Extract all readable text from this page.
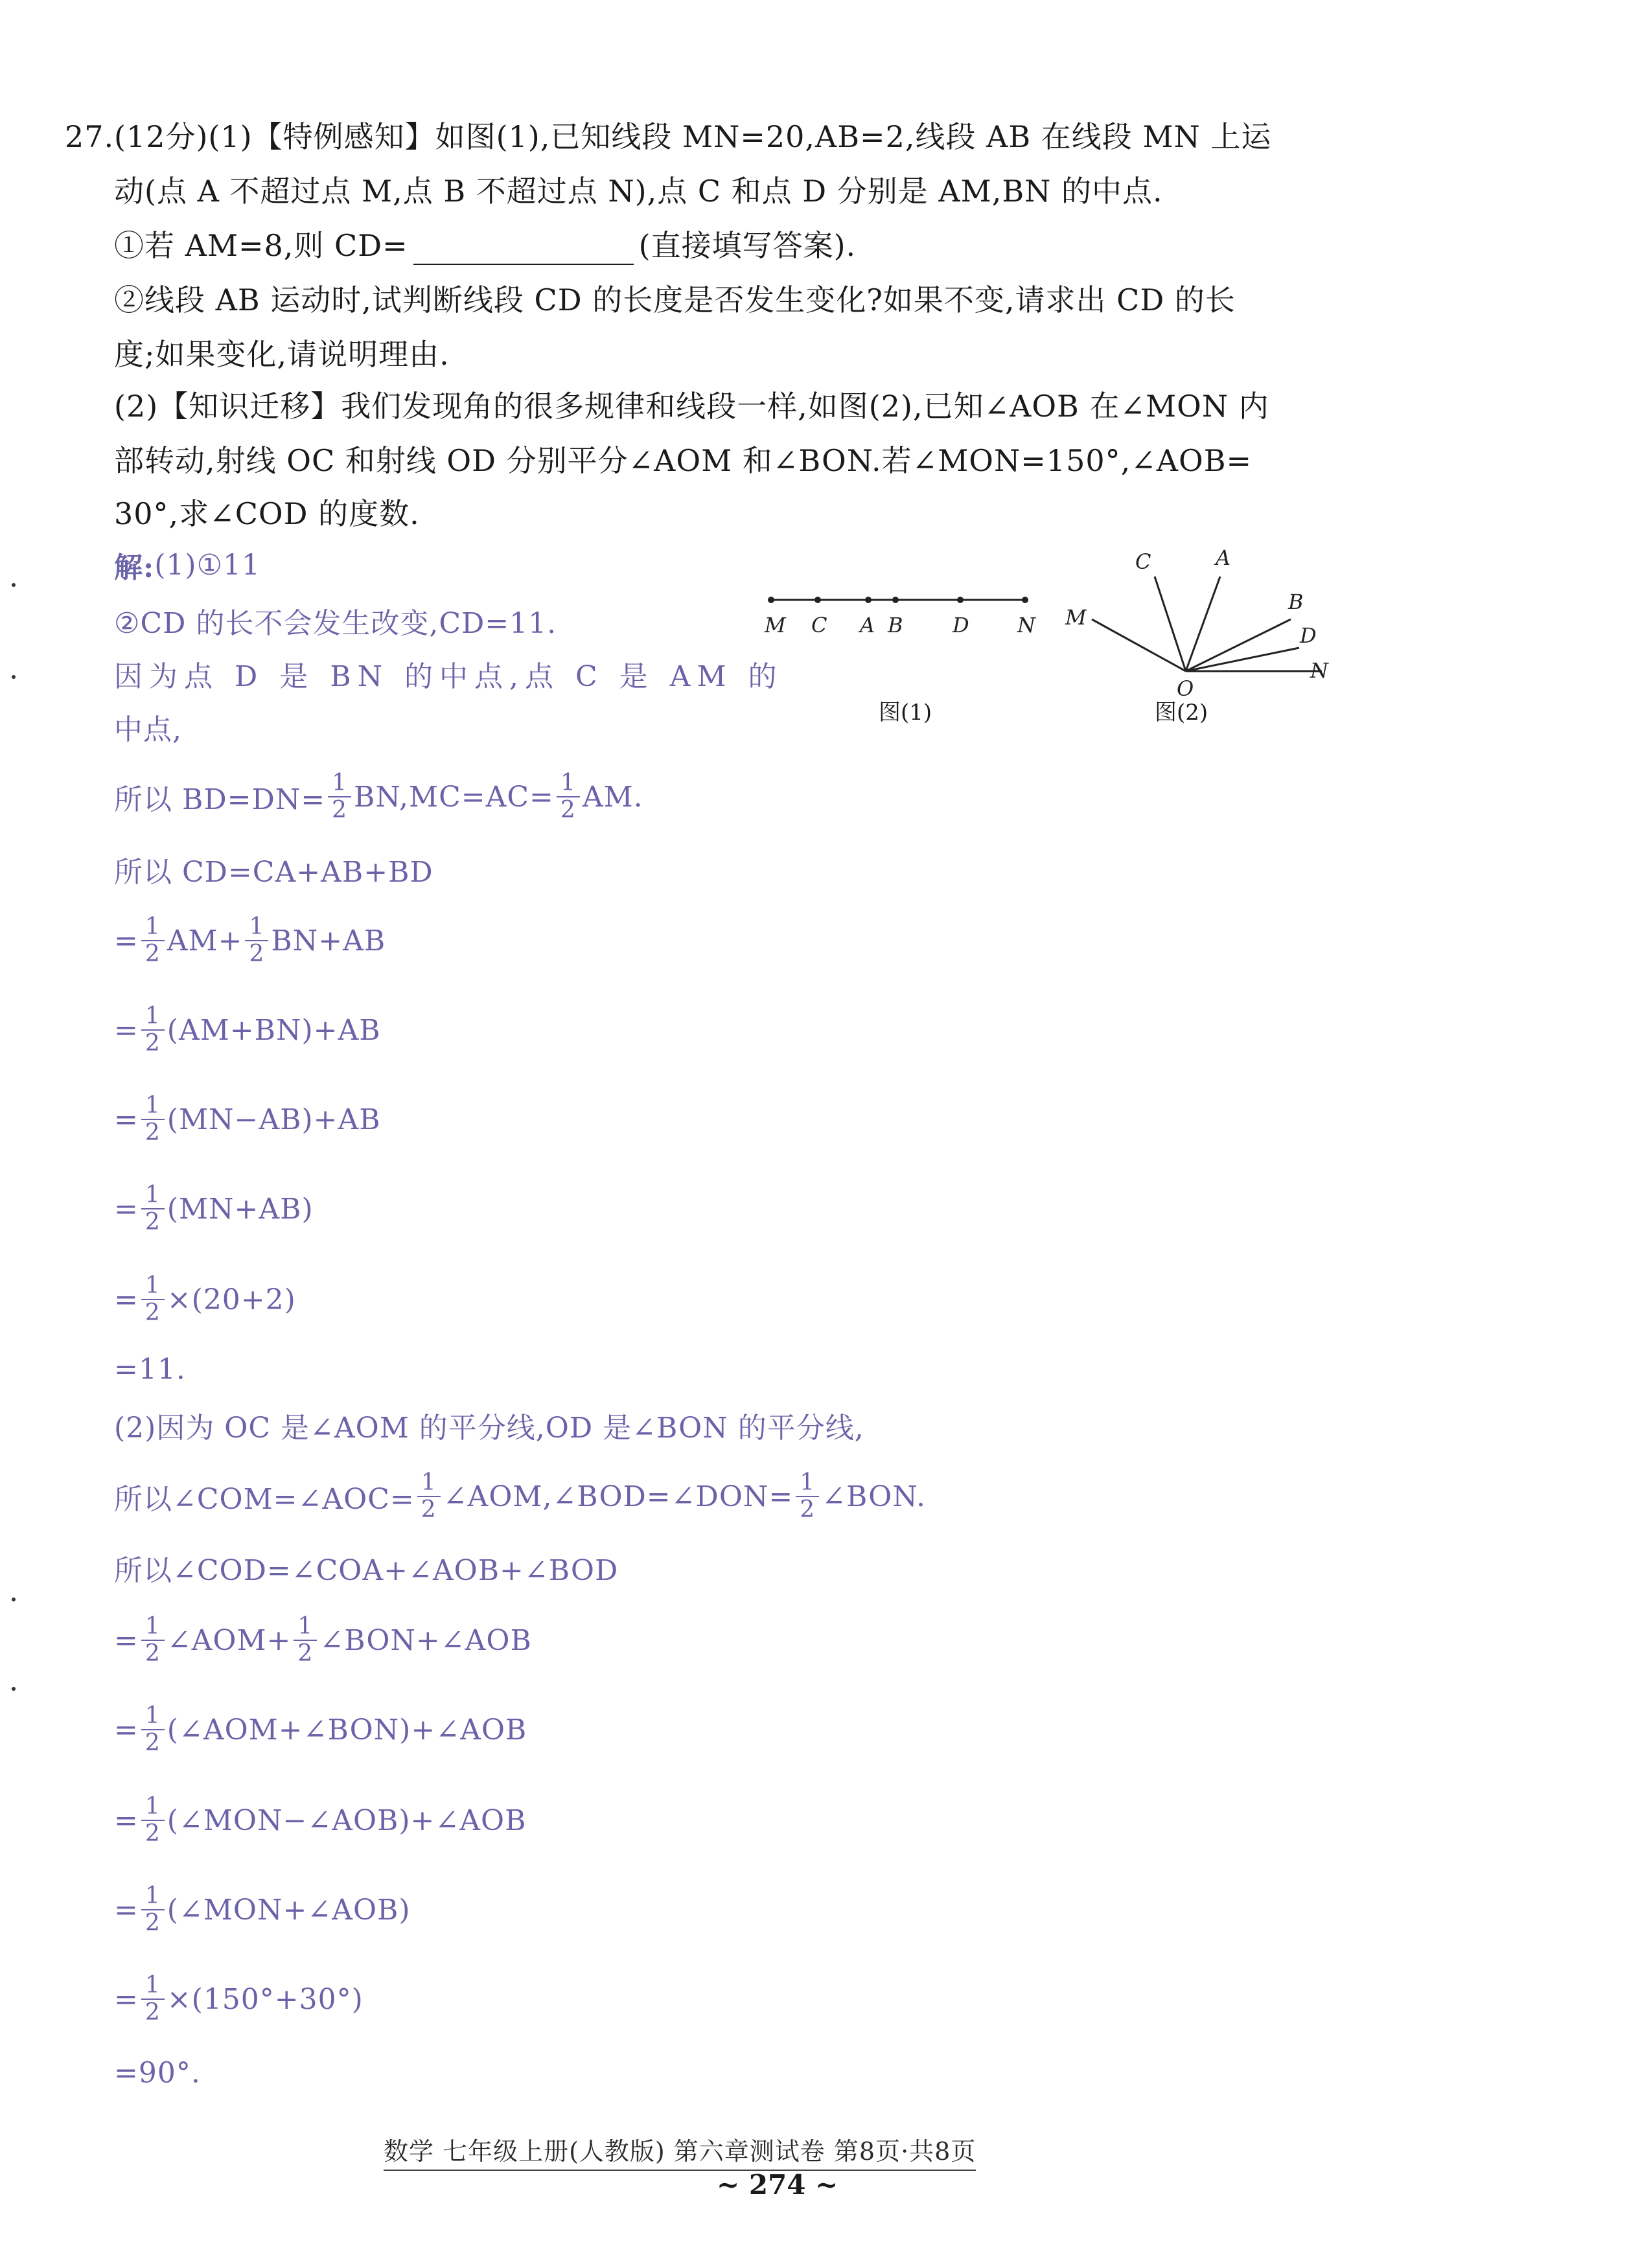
27. (12分)(1)【特例感知】如图(1),已知线段 MN=20,AB=2,线段 AB 在线段 MN 上运
动(点 A 不超过点 M,点 B 不超过点 N),点 C 和点 D 分别是 AM,BN 的中点.
①若 AM=8,则 CD=	(直接填写答案).
②线段 AB 运动时,试判断线段 CD 的长度是否发生变化?如果不变,请求出 CD 的长
度;如果变化,请说明理由.
(2)【知识迁移】我们发现角的很多规律和线段一样,如图(2),已知∠AOB 在∠MON 内
部转动,射线 OC 和射线 OD 分别平分∠AOM 和∠BON.若∠MON=150°,∠AOB=
30°,求∠COD 的度数.
M C A B D N
图(1)
C	A
B
D
M
O
N
图(2)
解: (1)①11
②CD 的长不会发生改变,CD=11.
因为点 D 是 BN 的中点,点 C 是 AM 的
中点,
所以 $BD=DN= \frac{1}{2} BN,MC=AC= \frac{1}{2}$ AM.
所以 CD=CA+AB+BD
= $\frac{1}{2} AM+ \frac{1}{2} BN+AB$
= $\frac{1}{2} (AM+BN)+AB$
= $\frac{1}{2} (MN-AB)+AB$
= $\frac{1}{2} (MN+AB)$
= $\frac{1}{2} \times(20+2)$
=11.
(2)因为 OC 是∠AOM 的平分线,OD 是∠BON 的平分线,
所以∠COM=∠AOC= $\frac{1}{2}$ ∠AOM,∠BOD=∠DON= $\frac{1}{2}$ ∠BON.
所以∠COD=∠COA+∠AOB+∠BOD
= $\frac{1}{2}$ ∠AOM+ $\frac{1}{2}$ ∠BON+∠AOB
= $\frac{1}{2}$ (∠AOM+∠BON)+∠AOB
= $\frac{1}{2}$ (∠MON−∠AOB)+∠AOB
= $\frac{1}{2}$ (∠MON+∠AOB)
= $\frac{1}{2} \times(150^\circ+30^\circ)$
=90°.
数学 七年级上册(人教版) 第六章测试卷 第8页·共8页
~ 274 ~
